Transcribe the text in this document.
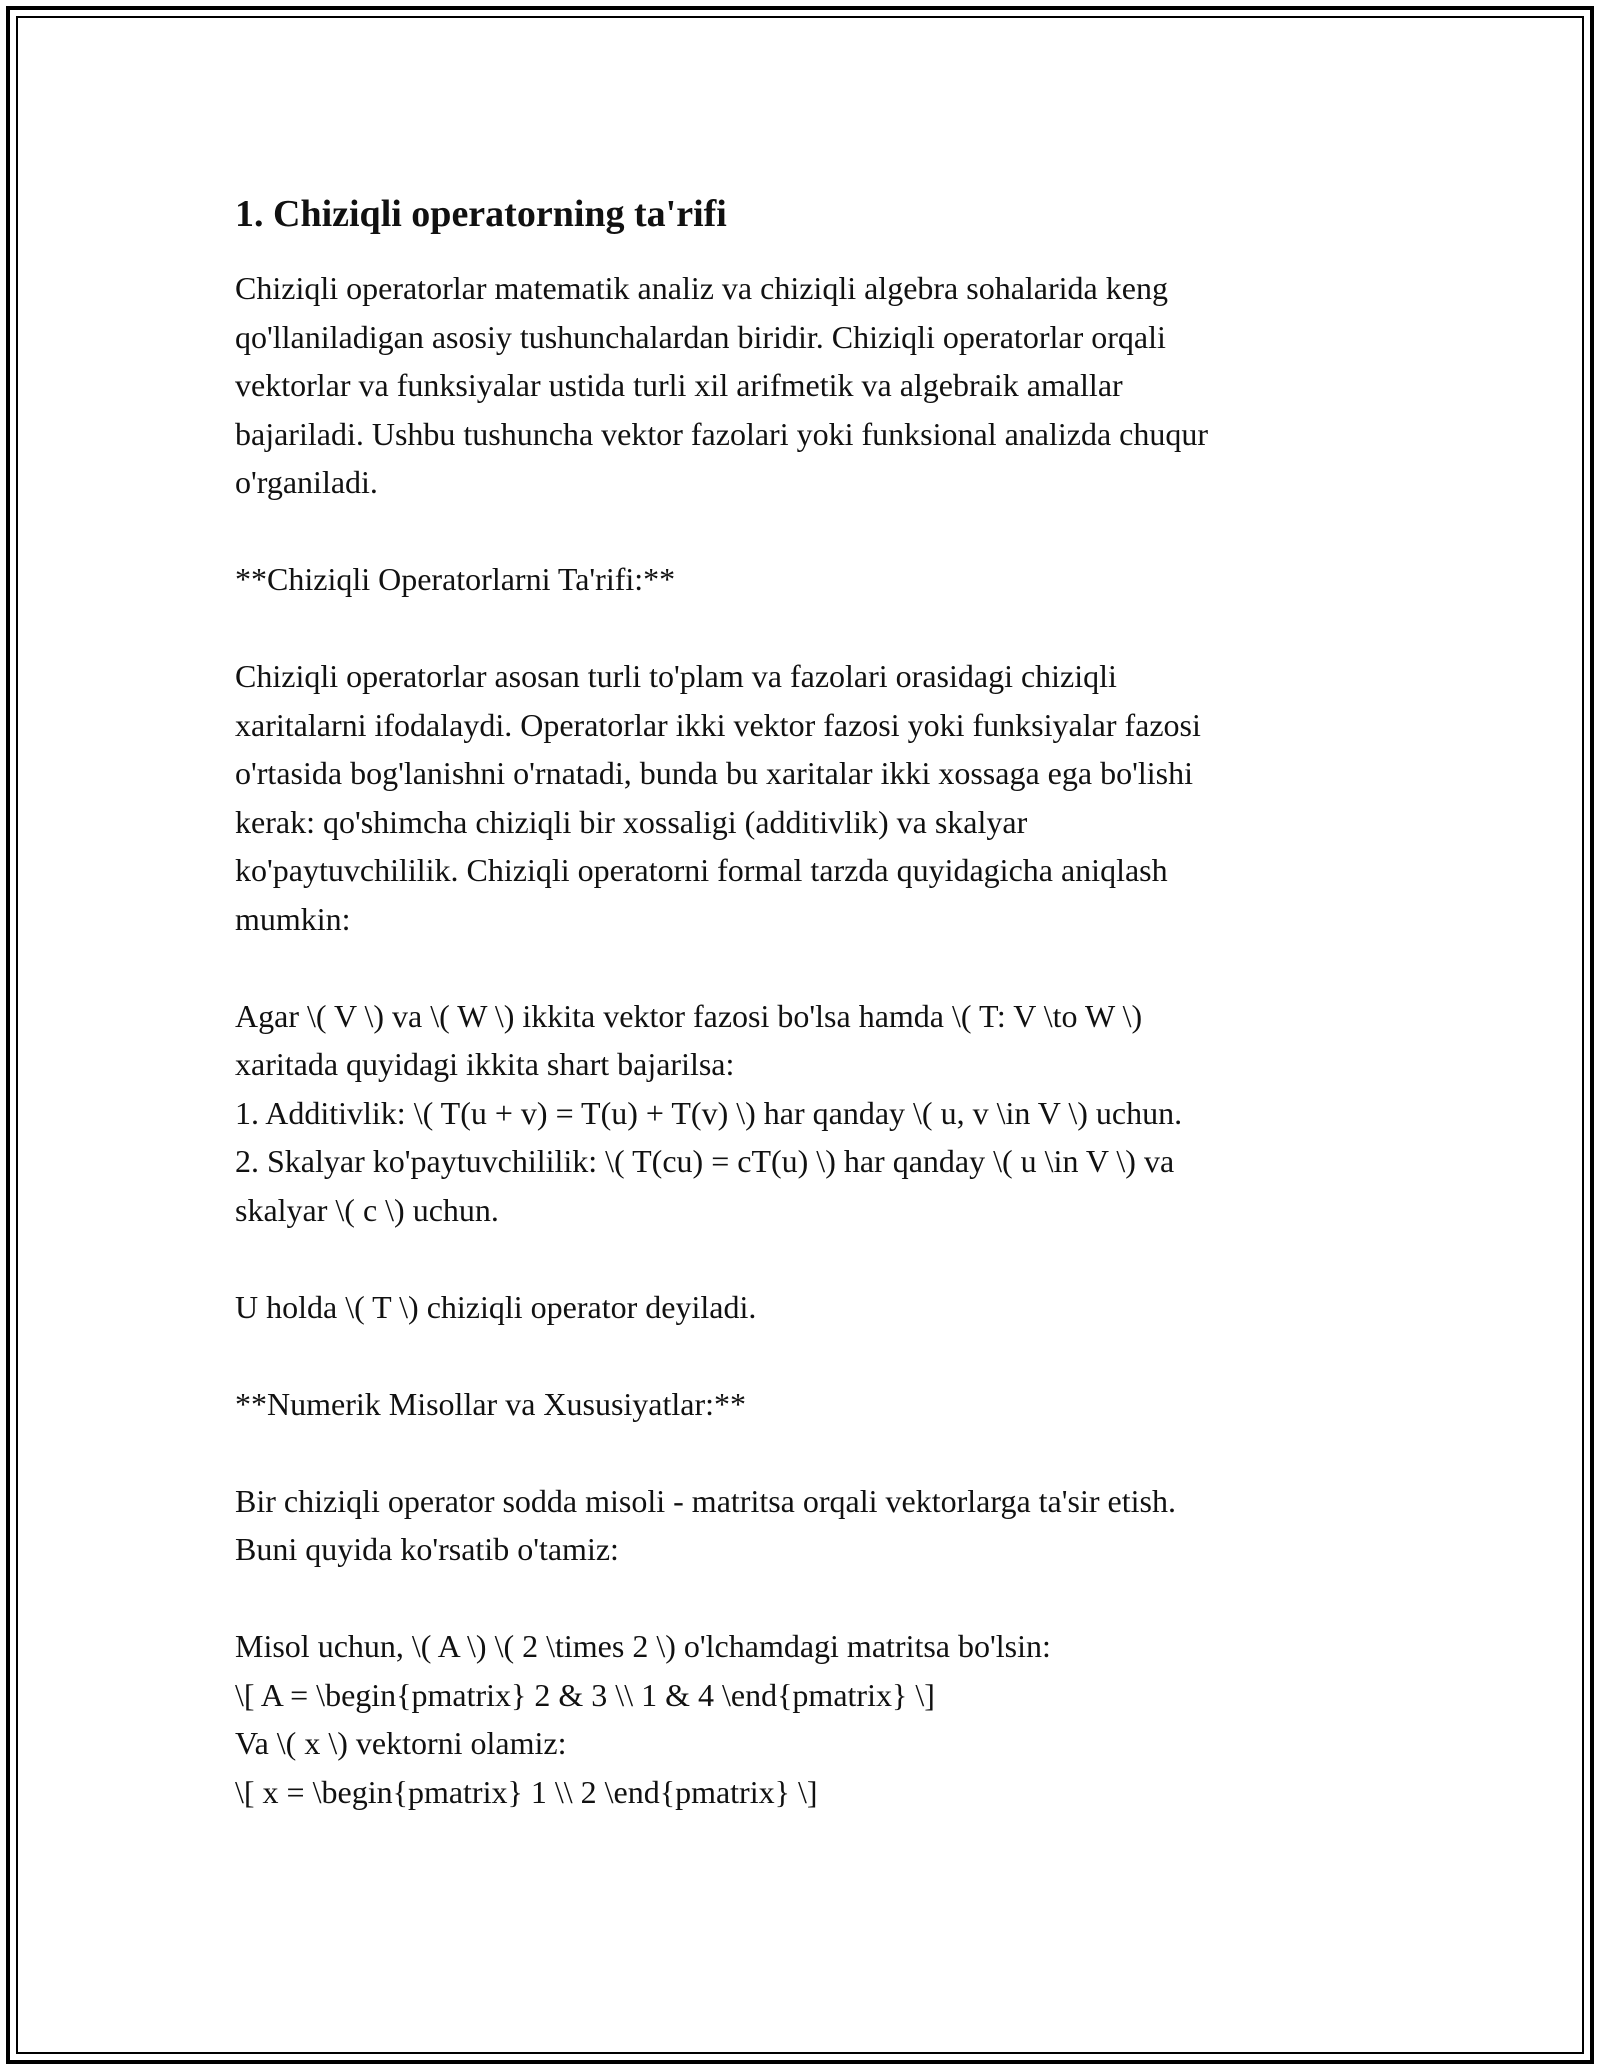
1. Chiziqli operatorning ta'rifi

Chiziqli operatorlar matematik analiz va chiziqli algebra sohalarida keng
qo'llaniladigan asosiy tushunchalardan biridir. Chiziqli operatorlar orqali
vektorlar va funksiyalar ustida turli xil arifmetik va algebraik amallar
bajariladi. Ushbu tushuncha vektor fazolari yoki funksional analizda chuqur
o'rganiladi.

**Chiziqli Operatorlarni Ta'rifi:**

Chiziqli operatorlar asosan turli to'plam va fazolari orasidagi chiziqli
xaritalarni ifodalaydi. Operatorlar ikki vektor fazosi yoki funksiyalar fazosi
o'rtasida bog'lanishni o'rnatadi, bunda bu xaritalar ikki xossaga ega bo'lishi
kerak: qo'shimcha chiziqli bir xossaligi (additivlik) va skalyar
ko'paytuvchililik. Chiziqli operatorni formal tarzda quyidagicha aniqlash
mumkin:

Agar \( V \) va \( W \) ikkita vektor fazosi bo'lsa hamda \( T: V \to W \)
xaritada quyidagi ikkita shart bajarilsa:
1. Additivlik: \( T(u + v) = T(u) + T(v) \) har qanday \( u, v \in V \) uchun.
2. Skalyar ko'paytuvchililik: \( T(cu) = cT(u) \) har qanday \( u \in V \) va
skalyar \( c \) uchun.

U holda \( T \) chiziqli operator deyiladi.

**Numerik Misollar va Xususiyatlar:**

Bir chiziqli operator sodda misoli - matritsa orqali vektorlarga ta'sir etish.
Buni quyida ko'rsatib o'tamiz:

Misol uchun, \( A \) \( 2 \times 2 \) o'lchamdagi matritsa bo'lsin:
\[ A = \begin{pmatrix} 2 & 3 \\ 1 & 4 \end{pmatrix} \]
Va \( x \) vektorni olamiz:
\[ x = \begin{pmatrix} 1 \\ 2 \end{pmatrix} \]
